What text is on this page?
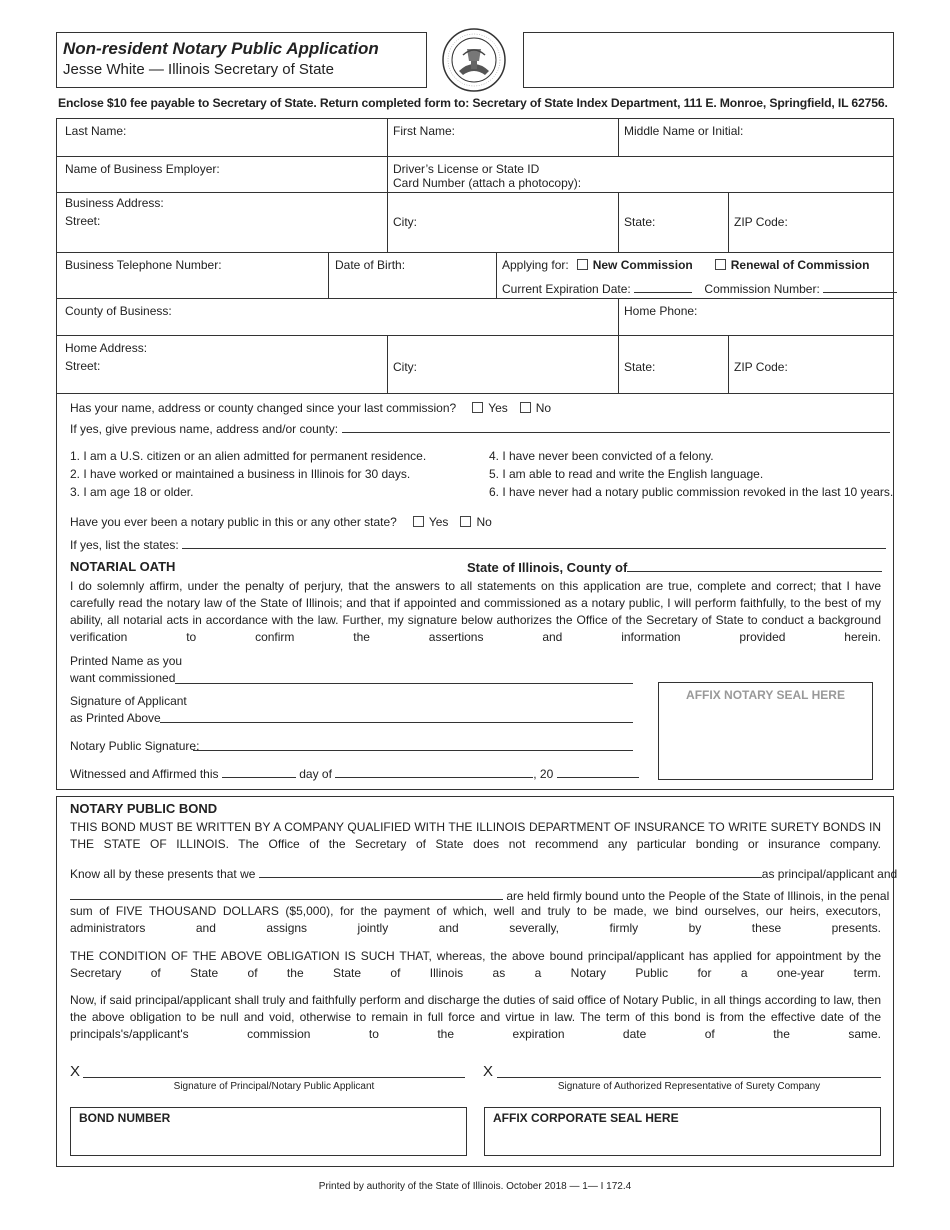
Non-resident Notary Public Application
Jesse White — Illinois Secretary of State
Enclose $10 fee payable to Secretary of State. Return completed form to: Secretary of State Index Department, 111 E. Monroe, Springfield, IL 62756.
Last Name:	First Name:	Middle Name or Initial:
Name of Business Employer:	Driver’s License or State ID
Card Number (attach a photocopy):
Business Address:
Street:	City:	State:	ZIP Code:
Business Telephone Number:	Date of Birth:	Applying for: New Commission	Renewal of Commission
Current Expiration Date:	Commission Number:
County of Business:	Home Phone:
Home Address:
Street:	City:	State:	ZIP Code:
Has your name, address or county changed since your last commission?	Yes No
If yes, give previous name, address and/or county:
1. I am a U.S. citizen or an alien admitted for permanent residence.
2. I have worked or maintained a business in Illinois for 30 days.
3. I am age 18 or older.
4. I have never been convicted of a felony.
5. I am able to read and write the English language.
6. I have never had a notary public commission revoked in the last 10 years.
Have you ever been a notary public in this or any other state?	Yes No
If yes, list the states:
NOTARIAL OATH	State of Illinois, County of
I do solemnly affirm, under the penalty of perjury, that the answers to all statements on this application are true, complete and correct; that I have carefully read the notary law of the State of Illinois; and that if appointed and commissioned as a notary public, I will perform faithfully, to the best of my ability, all notarial acts in accordance with the law. Further, my signature below authorizes the Office of the Secretary of State to conduct a background verification to confirm the assertions and information provided herein.
Printed Name as you
want commissioned
Signature of Applicant
as Printed Above
Notary Public Signature:
Witnessed and Affirmed this	day of	, 20
AFFIX NOTARY SEAL HERE
NOTARY PUBLIC BOND
THIS BOND MUST BE WRITTEN BY A COMPANY QUALIFIED WITH THE ILLINOIS DEPARTMENT OF INSURANCE TO WRITE SURETY BONDS IN THE STATE OF ILLINOIS. The Office of the Secretary of State does not recommend any particular bonding or insurance company.
Know all by these presents that we	as principal/applicant and
are held firmly bound unto the People of the State of Illinois, in the penal
sum of FIVE THOUSAND DOLLARS ($5,000), for the payment of which, well and truly to be made, we bind ourselves, our heirs, executors, administrators and assigns jointly and severally, firmly by these presents.
THE CONDITION OF THE ABOVE OBLIGATION IS SUCH THAT, whereas, the above bound principal/applicant has applied for appointment by the Secretary of State of the State of Illinois as a Notary Public for a one-year term.
Now, if said principal/applicant shall truly and faithfully perform and discharge the duties of said office of Notary Public, in all things according to law, then the above obligation to be null and void, otherwise to remain in full force and virtue in law. The term of this bond is from the effective date of the principals's/applicant's commission to the expiration date of the same.
X
Signature of Principal/Notary Public Applicant
X
Signature of Authorized Representative of Surety Company
BOND NUMBER	AFFIX CORPORATE SEAL HERE
Printed by authority of the State of Illinois. October 2018 — 1— I 172.4
